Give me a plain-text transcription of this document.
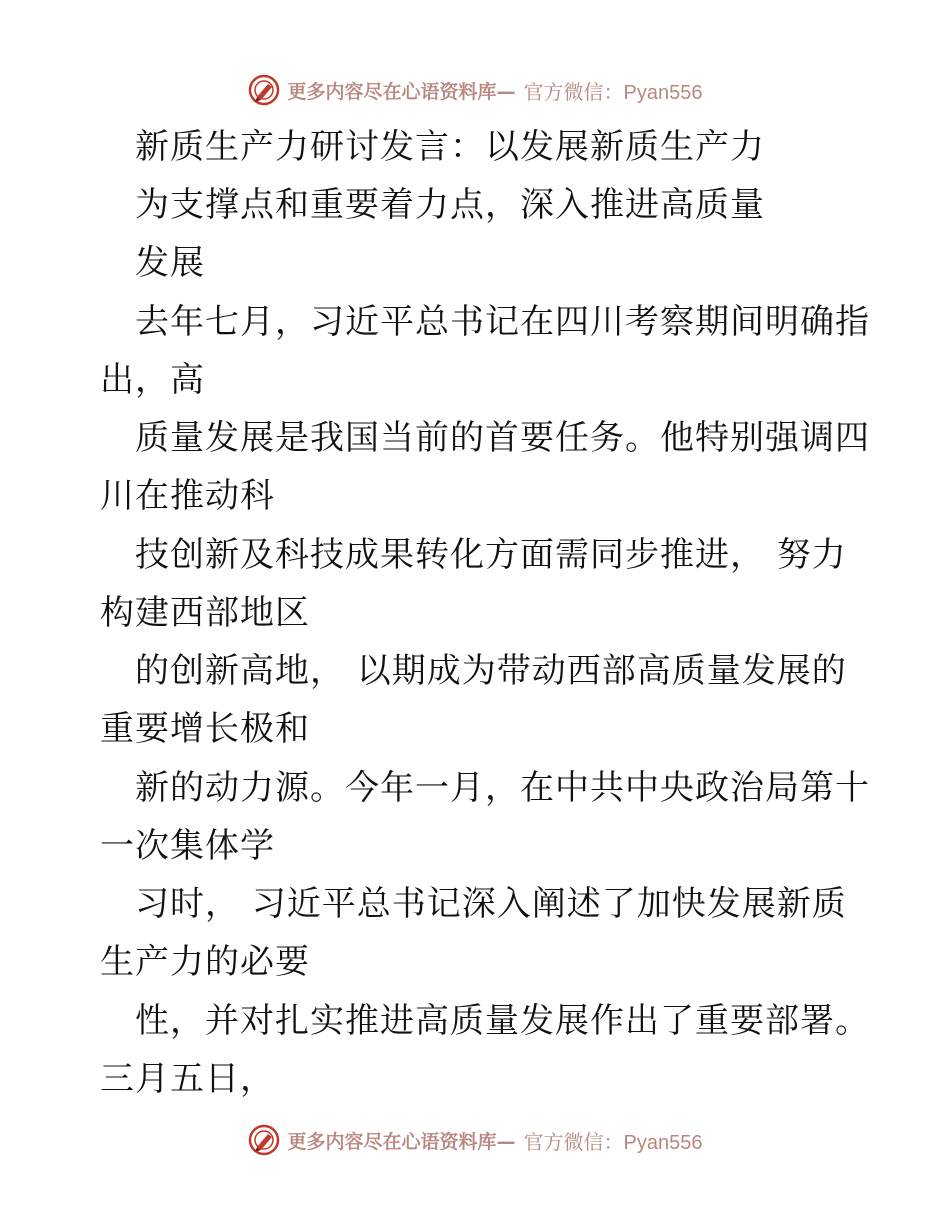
更多内容尽在心语资料库— 官方微信：Pyan556
新质生产力研讨发言：以发展新质生产力
为支撑点和重要着力点，深入推进高质量
发展
去年七月，习近平总书记在四川考察期间明确指
出，高
质量发展是我国当前的首要任务。他特别强调四
川在推动科
技创新及科技成果转化方面需同步推进， 努力
构建西部地区
的创新高地， 以期成为带动西部高质量发展的
重要增长极和
新的动力源。今年一月，在中共中央政治局第十
一次集体学
习时， 习近平总书记深入阐述了加快发展新质
生产力的必要
性，并对扎实推进高质量发展作出了重要部署。
三月五日，
更多内容尽在心语资料库— 官方微信：Pyan556
